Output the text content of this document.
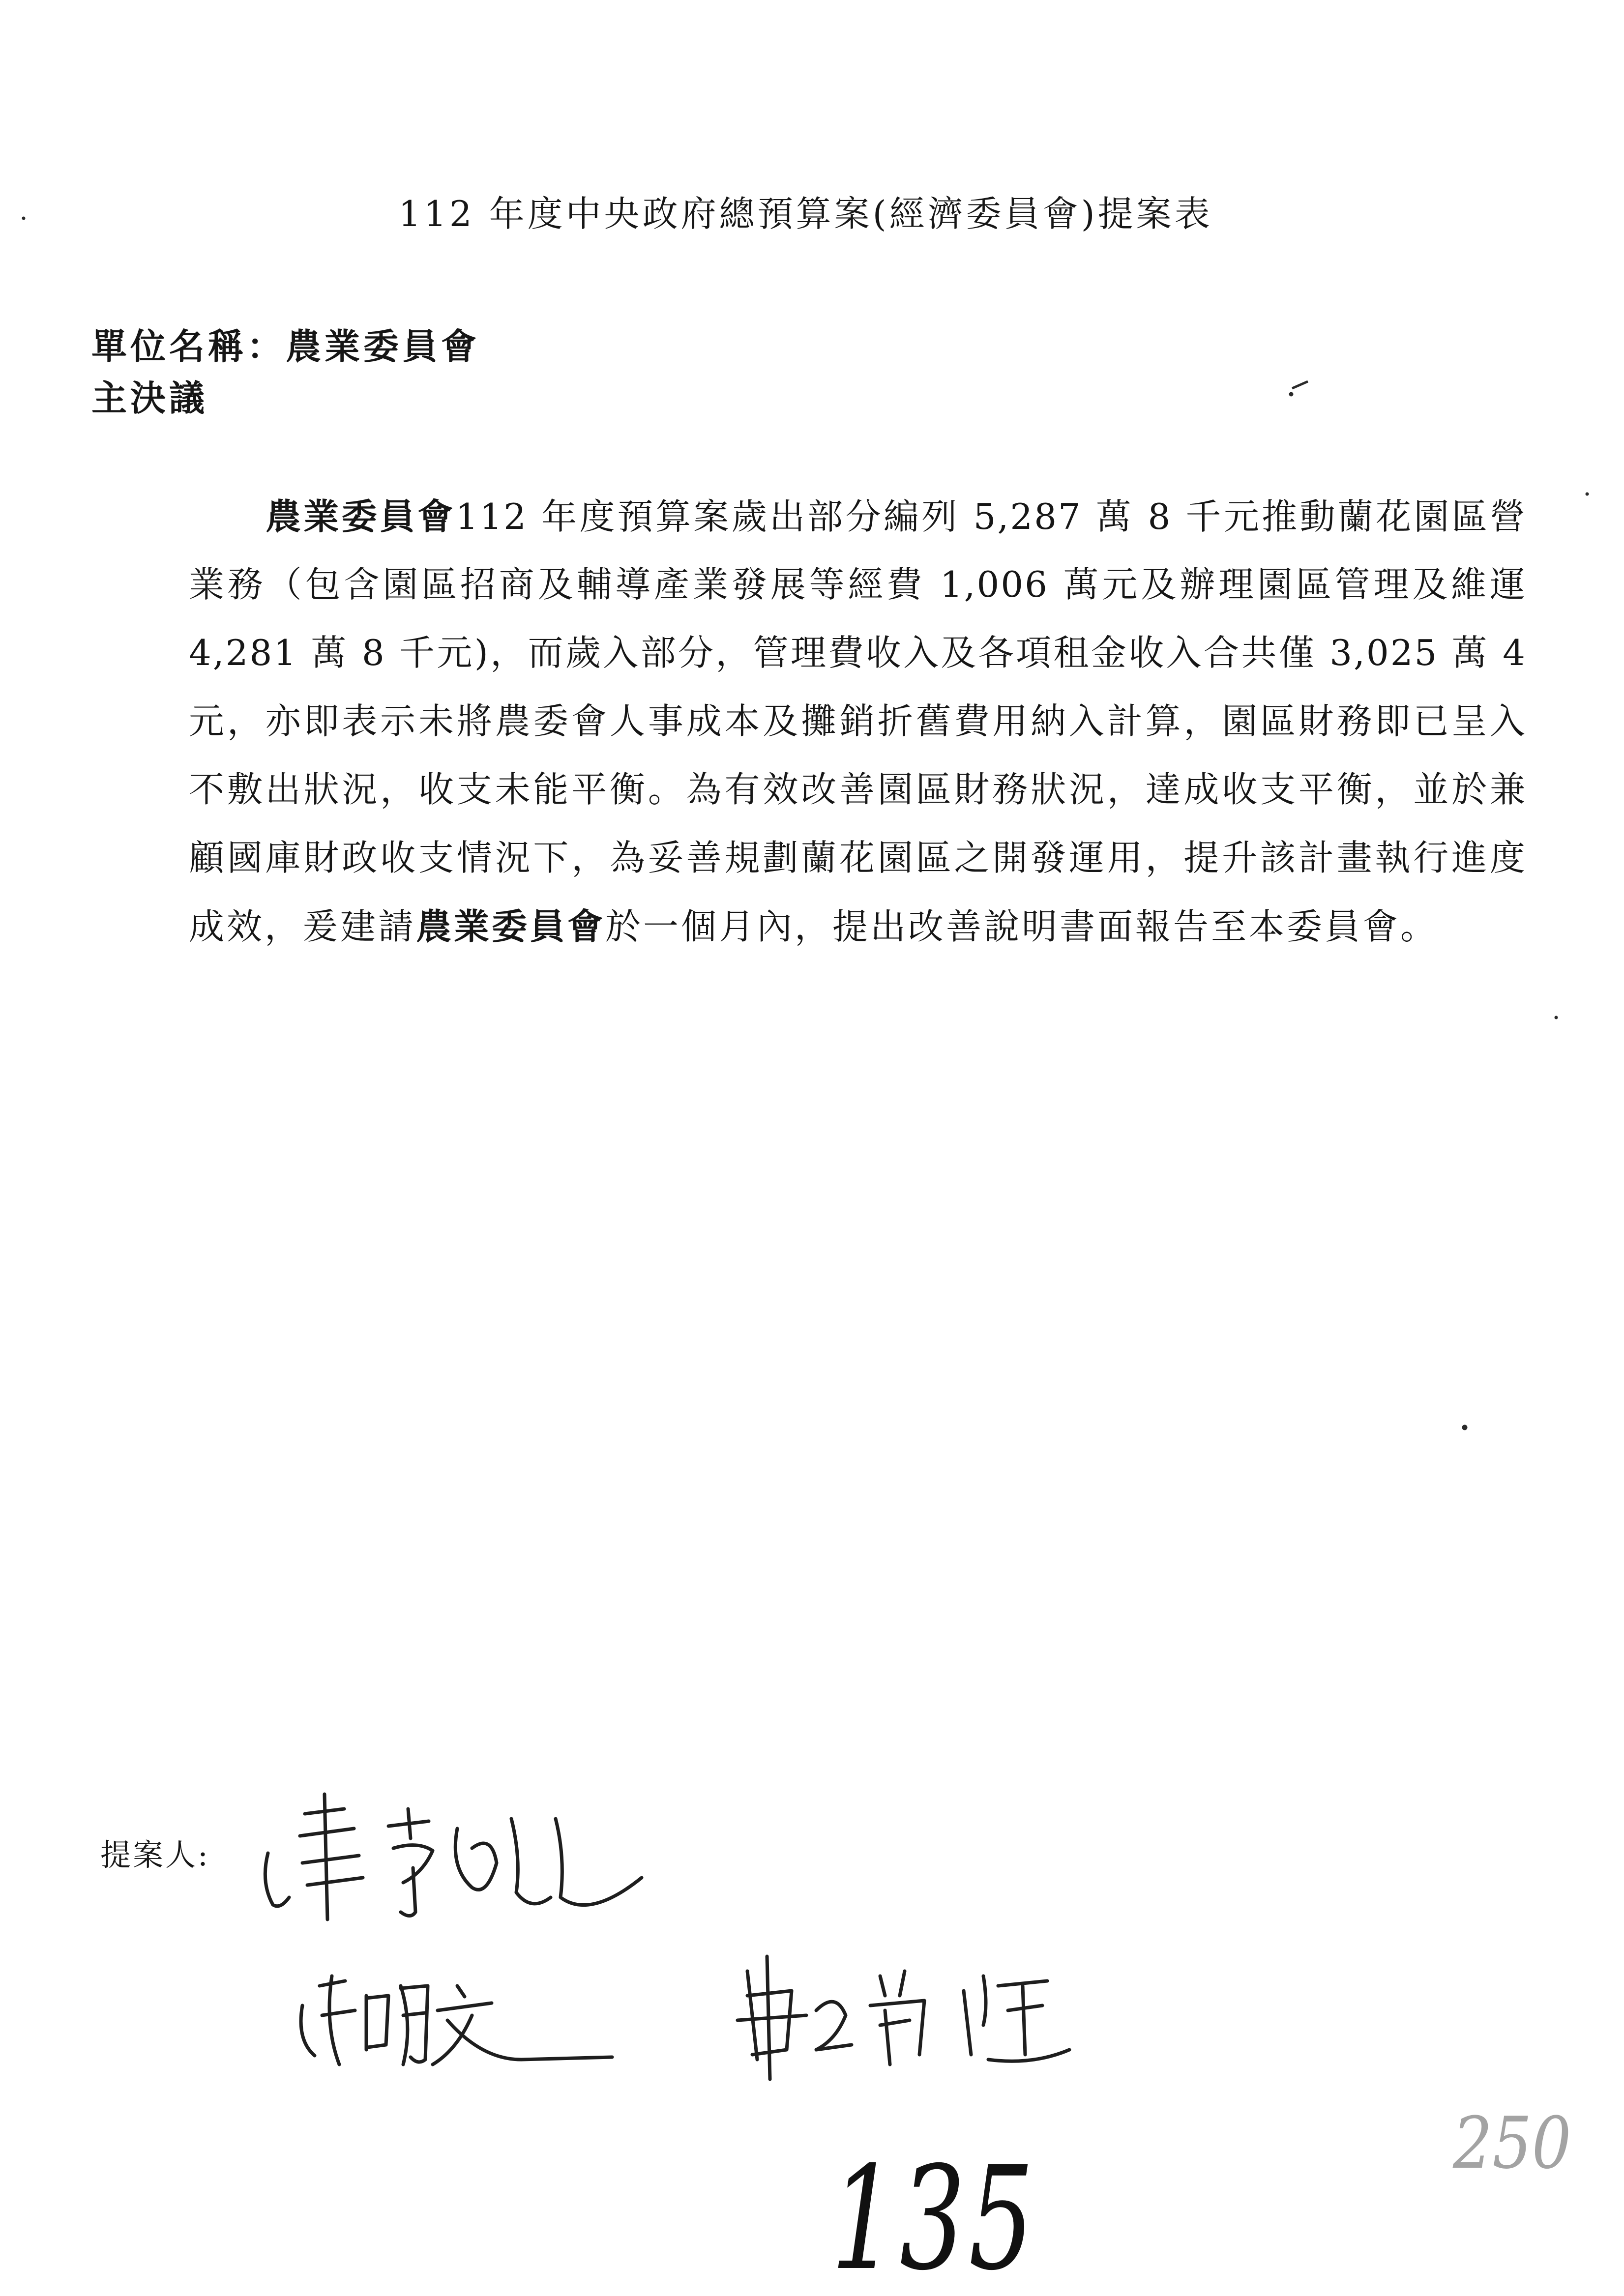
112 年度中央政府總預算案(經濟委員會)提案表
單位名稱：農業委員會
主決議
農業委員會112 年度預算案歲出部分編列 5,287 萬 8 千元推動蘭花園區營
業務（包含園區招商及輔導產業發展等經費 1,006 萬元及辦理園區管理及維運
4,281 萬 8 千元)，而歲入部分，管理費收入及各項租金收入合共僅 3,025 萬 4
元，亦即表示未將農委會人事成本及攤銷折舊費用納入計算，園區財務即已呈入
不敷出狀況，收支未能平衡。為有效改善園區財務狀況，達成收支平衡，並於兼
顧國庫財政收支情況下，為妥善規劃蘭花園區之開發運用，提升該計畫執行進度
成效，爰建請農業委員會於一個月內，提出改善說明書面報告至本委員會。
提案人:
135	250
